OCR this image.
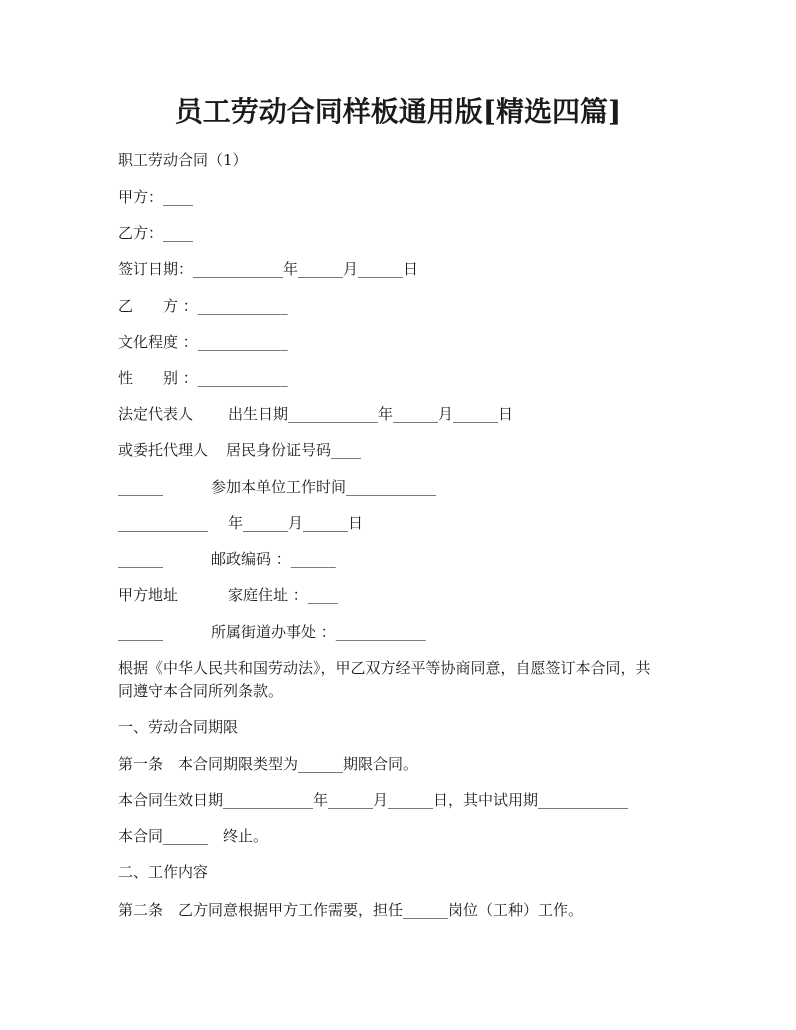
员工劳动合同样板通用版[精选四篇]
职工劳动合同（1）
甲方：____
乙方：____
签订日期：____________年______月______日
乙　　方 ：____________
文化程度 ：____________
性　　别 ：____________
法定代表人 出生日期____________年______月______日
或委托代理人 居民身份证号码____
______	参加本单位工作时间____________
____________ 年______月______日
______	邮政编码 ：______
甲方地址	家庭住址 ：____
______	所属街道办事处 ：____________
根据《中华人民共和国劳动法》，甲乙双方经平等协商同意，自愿签订本合同，共
同遵守本合同所列条款。
一、劳动合同期限
第一条　本合同期限类型为______期限合同。
本合同生效日期____________年______月______日，其中试用期____________
本合同______　终止。
二、工作内容
第二条　乙方同意根据甲方工作需要，担任______岗位（工种）工作。
